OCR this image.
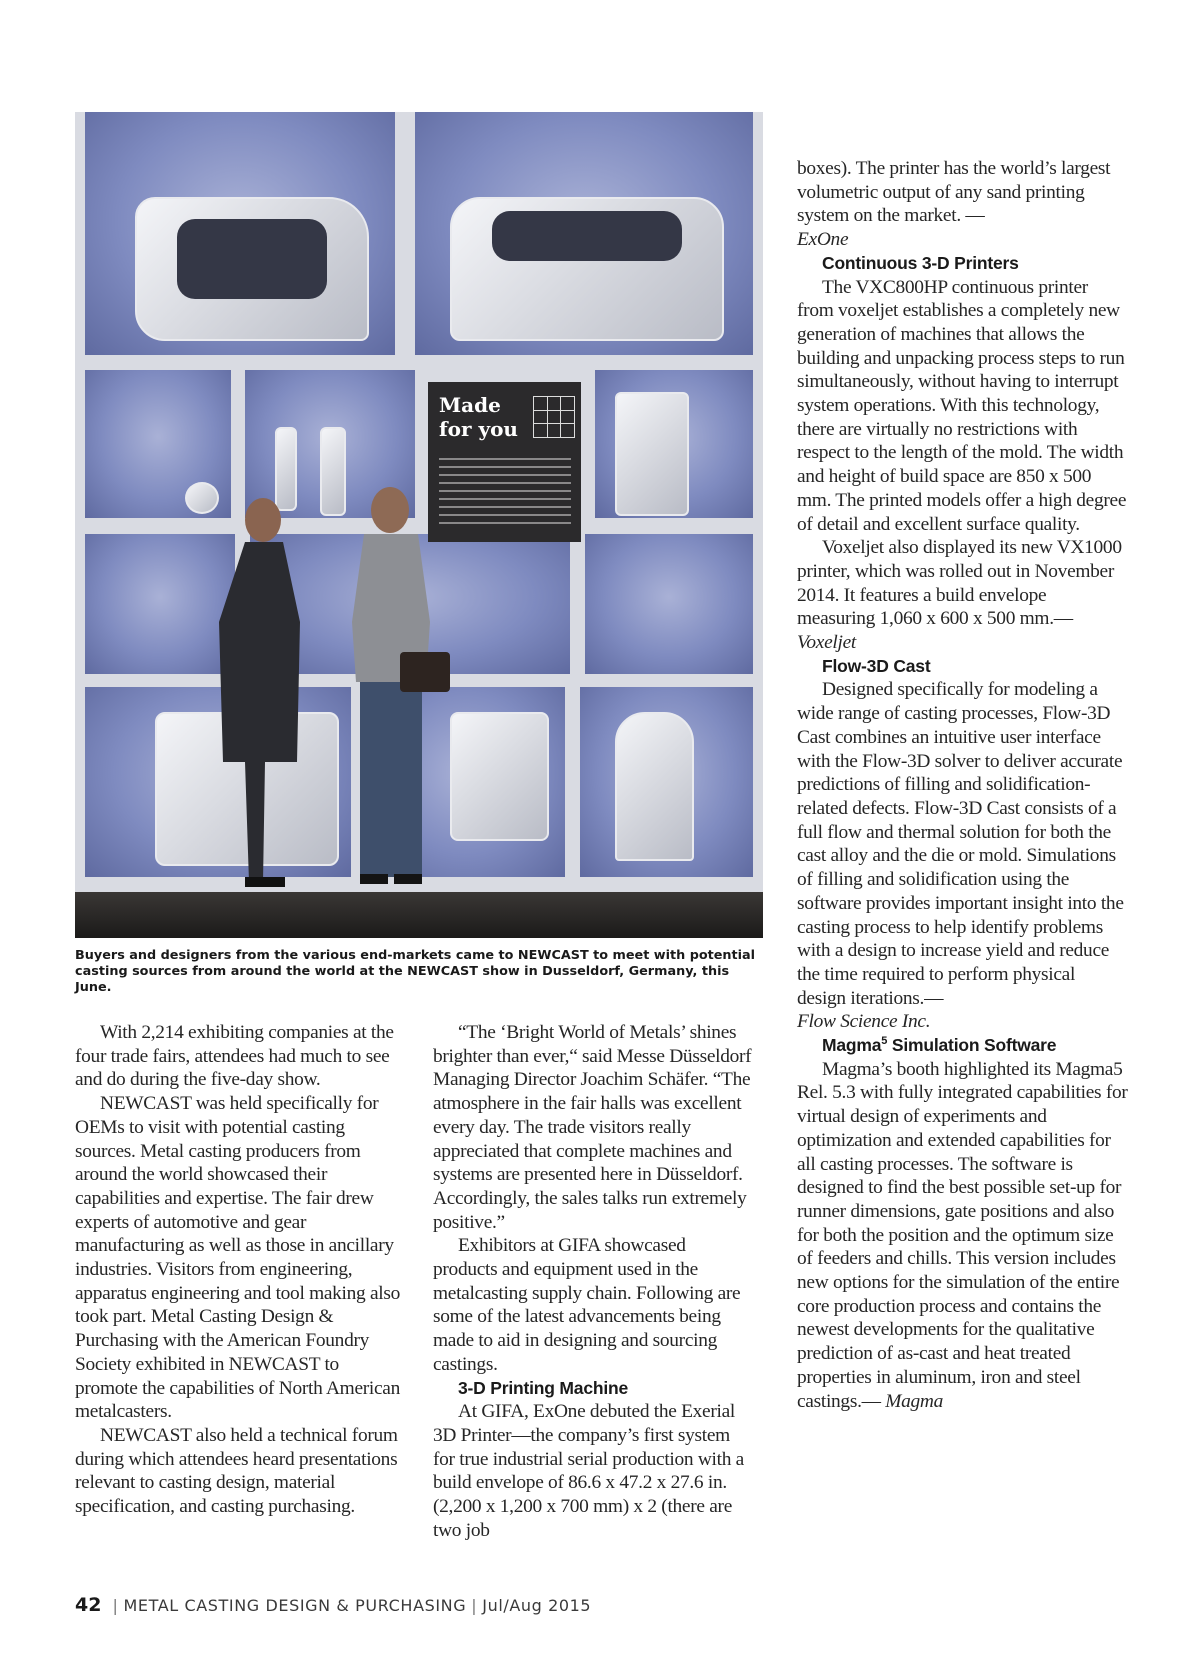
Made for you
Buyers and designers from the various end-markets came to NEWCAST to meet with potential casting sources from around the world at the NEWCAST show in Dusseldorf, Germany, this June.

With 2,214 exhibiting companies at the four trade fairs, attendees had much to see and do during the five-day show.

NEWCAST was held specifically for OEMs to visit with potential casting sources. Metal casting producers from around the world showcased their capabilities and expertise. The fair drew experts of automotive and gear manufacturing as well as those in ancillary industries. Visitors from engineering, apparatus engineering and tool making also took part. Metal Casting Design & Purchasing with the American Foundry Society exhibited in NEWCAST to promote the capabilities of North American metalcasters.

NEWCAST also held a technical forum during which attendees heard presentations relevant to casting design, material specification, and casting purchasing.

“The ‘Bright World of Metals’ shines brighter than ever,“ said Messe Düsseldorf Managing Director Joachim Schäfer. “The atmosphere in the fair halls was excellent every day. The trade visitors really appreciated that complete machines and systems are presented here in Düsseldorf. Accordingly, the sales talks run extremely positive.”

Exhibitors at GIFA showcased products and equipment used in the metalcasting supply chain. Following are some of the latest advancements being made to aid in designing and sourcing castings.

3-D Printing Machine

At GIFA, ExOne debuted the Exerial 3D Printer—the company’s first system for true industrial serial production with a build envelope of 86.6 x 47.2 x 27.6 in. (2,200 x 1,200 x 700 mm) x 2 (there are two job

boxes). The printer has the world’s largest volumetric output of any sand printing system on the market. —
ExOne

Continuous 3-D Printers

The VXC800HP continuous printer from voxeljet establishes a completely new generation of machines that allows the building and unpacking process steps to run simultaneously, without having to interrupt system operations. With this technology, there are virtually no restrictions with respect to the length of the mold. The width and height of build space are 850 x 500 mm. The printed models offer a high degree of detail and excellent surface quality.

Voxeljet also displayed its new VX1000 printer, which was rolled out in November 2014. It features a build envelope measuring 1,060 x 600 x 500 mm.— Voxeljet

Flow-3D Cast

Designed specifically for modeling a wide range of casting processes, Flow-3D Cast combines an intuitive user interface with the Flow-3D solver to deliver accurate predictions of filling and solidification-related defects. Flow-3D Cast consists of a full flow and thermal solution for both the cast alloy and the die or mold. Simulations of filling and solidification using the software provides important insight into the casting process to help identify problems with a design to increase yield and reduce the time required to perform physical design iterations.—
Flow Science Inc.

Magma$^5$ Simulation Software

Magma’s booth highlighted its Magma5 Rel. 5.3 with fully integrated capabilities for virtual design of experiments and optimization and extended capabilities for all casting processes. The software is designed to find the best possible set-up for runner dimensions, gate positions and also for both the position and the optimum size of feeders and chills. This version includes new options for the simulation of the entire core production process and contains the newest developments for the qualitative prediction of as-cast and heat treated properties in aluminum, iron and steel castings.— Magma

42 | METAL CASTING DESIGN & PURCHASING | Jul/Aug 2015
